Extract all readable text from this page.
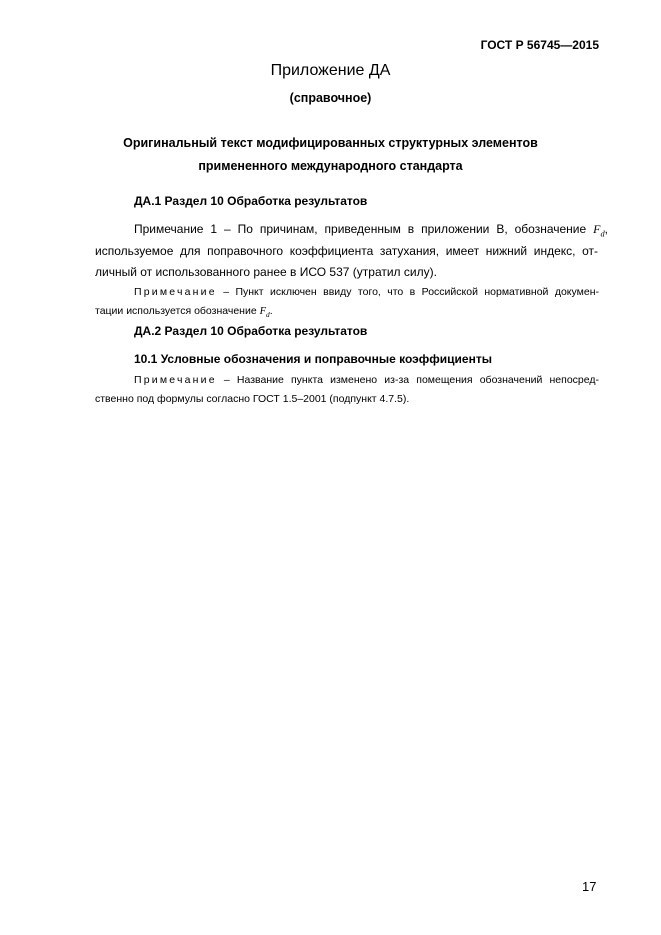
ГОСТ Р 56745—2015
Приложение ДА
(справочное)
Оригинальный текст модифицированных структурных элементов
примененного международного стандарта
ДА.1 Раздел 10 Обработка результатов
Примечание 1 – По причинам, приведенным в приложении В, обозначение $F_d$,
используемое для поправочного коэффициента затухания, имеет нижний индекс, от-
личный от использованного ранее в ИСО 537 (утратил силу).
Примечание – Пункт исключен ввиду того, что в Российской нормативной докумен-
тации используется обозначение $F_d$.
ДА.2 Раздел 10 Обработка результатов
10.1 Условные обозначения и поправочные коэффициенты
Примечание – Название пункта изменено из-за помещения обозначений непосред-
ственно под формулы согласно ГОСТ 1.5–2001 (подпункт 4.7.5).
17
